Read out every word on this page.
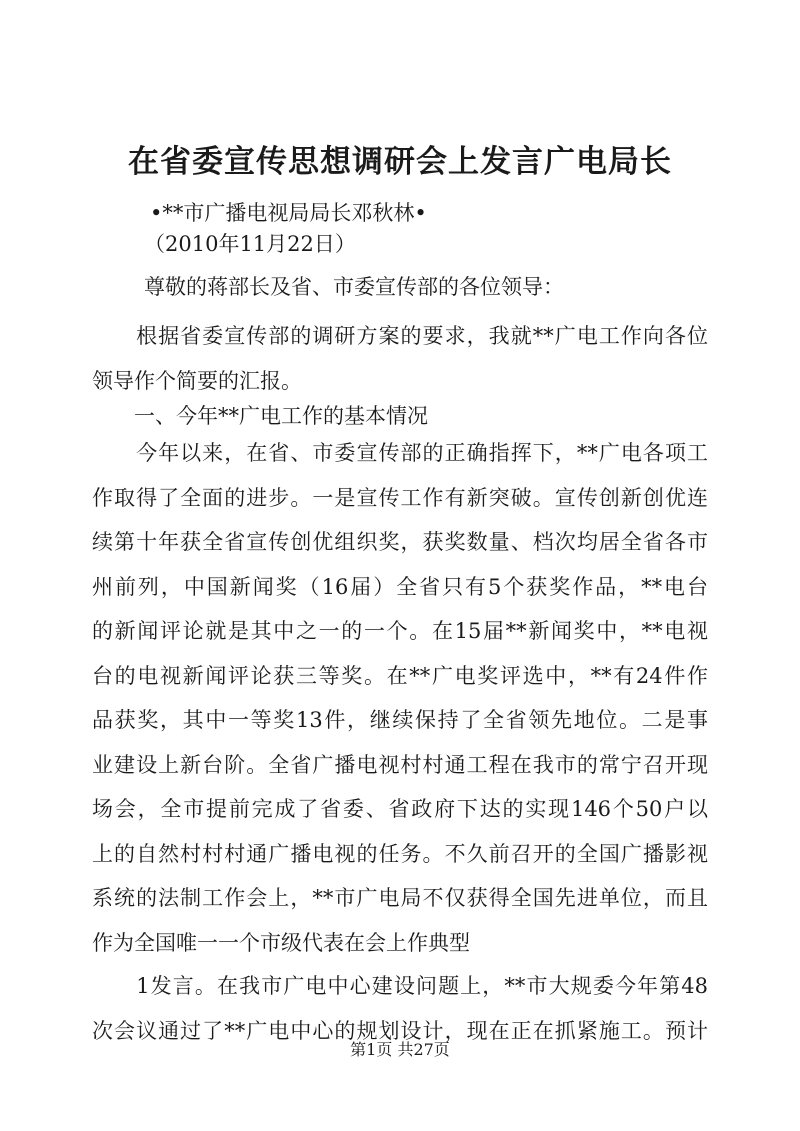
在省委宣传思想调研会上发言广电局长
•**市广播电视局局长邓秋林•
（2010年11月22日）
尊敬的蒋部长及省、市委宣传部的各位领导：
　　根据省委宣传部的调研方案的要求，我就**广电工作向各位
领导作个简要的汇报。
　　一、今年**广电工作的基本情况
　　今年以来，在省、市委宣传部的正确指挥下，**广电各项工
作取得了全面的进步。一是宣传工作有新突破。宣传创新创优连
续第十年获全省宣传创优组织奖，获奖数量、档次均居全省各市
州前列，中国新闻奖（16届）全省只有5个获奖作品，**电台
的新闻评论就是其中之一的一个。在15届**新闻奖中，**电视
台的电视新闻评论获三等奖。在**广电奖评选中，**有24件作
品获奖，其中一等奖13件，继续保持了全省领先地位。二是事
业建设上新台阶。全省广播电视村村通工程在我市的常宁召开现
场会，全市提前完成了省委、省政府下达的实现146个50户以
上的自然村村村通广播电视的任务。不久前召开的全国广播影视
系统的法制工作会上，**市广电局不仅获得全国先进单位，而且
作为全国唯一一个市级代表在会上作典型
　　1发言。在我市广电中心建设问题上，**市大规委今年第48
次会议通过了**广电中心的规划设计，现在正在抓紧施工。预计
第1页 共27页
